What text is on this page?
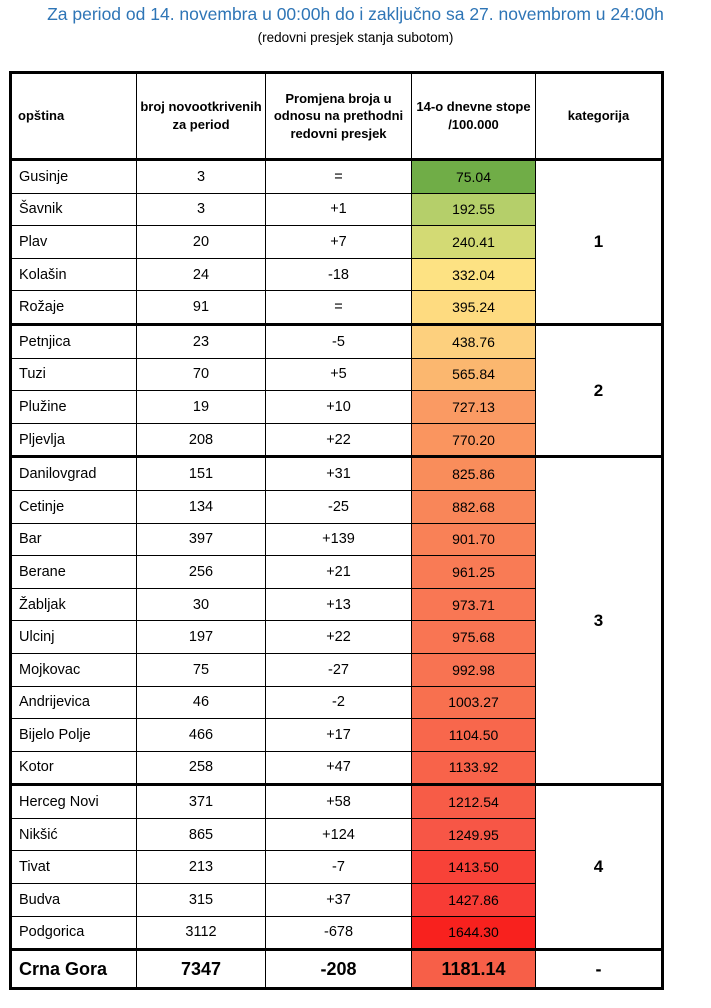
Za period od 14. novembra u 00:00h do i zaključno sa 27. novembrom u 24:00h
(redovni presjek stanja subotom)
opština	broj novootkrivenih za period	Promjena broja u odnosu na prethodni redovni presjek	14-o dnevne stope /100.000	kategorija
Gusinje	3	=	75.04	1
Šavnik	3	+1	192.55	
Plav	20	+7	240.41	
Kolašin	24	-18	332.04	
Rožaje	91	=	395.24	
Petnjica	23	-5	438.76	2
Tuzi	70	+5	565.84	
Plužine	19	+10	727.13	
Pljevlja	208	+22	770.20	
Danilovgrad	151	+31	825.86	3
Cetinje	134	-25	882.68	
Bar	397	+139	901.70	
Berane	256	+21	961.25	
Žabljak	30	+13	973.71	
Ulcinj	197	+22	975.68	
Mojkovac	75	-27	992.98	
Andrijevica	46	-2	1003.27	
Bijelo Polje	466	+17	1104.50	
Kotor	258	+47	1133.92	
Herceg Novi	371	+58	1212.54	4
Nikšić	865	+124	1249.95	
Tivat	213	-7	1413.50	
Budva	315	+37	1427.86	
Podgorica	3112	-678	1644.30	
Crna Gora	7347	-208	1181.14	-
